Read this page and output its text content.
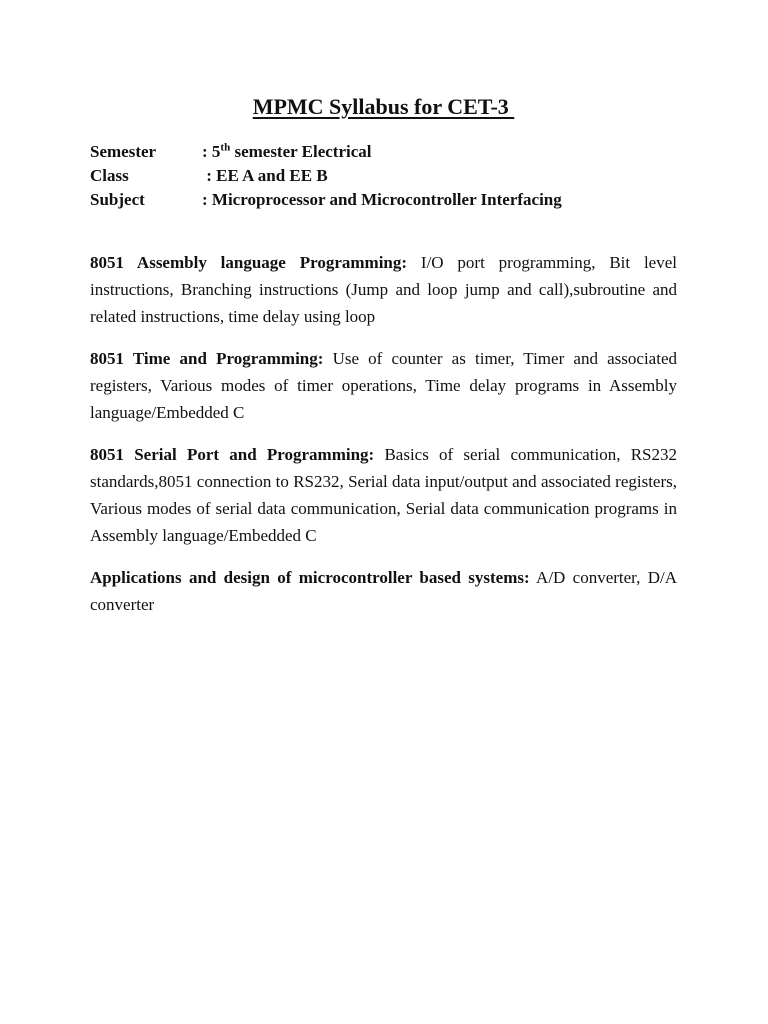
MPMC Syllabus for CET-3
Semester	: 5th semester Electrical
Class	: EE A and EE B
Subject	: Microprocessor and Microcontroller Interfacing

8051 Assembly language Programming: I/O port programming, Bit level instructions, Branching instructions (Jump and loop jump and call),subroutine and related instructions, time delay using loop

8051 Time and Programming: Use of counter as timer, Timer and associated registers, Various modes of timer operations, Time delay programs in Assembly language/Embedded C

8051 Serial Port and Programming: Basics of serial communication, RS232 standards,8051 connection to RS232, Serial data input/output and associated registers, Various modes of serial data communication, Serial data communication programs in Assembly language/Embedded C

Applications and design of microcontroller based systems: A/D converter, D/A converter
